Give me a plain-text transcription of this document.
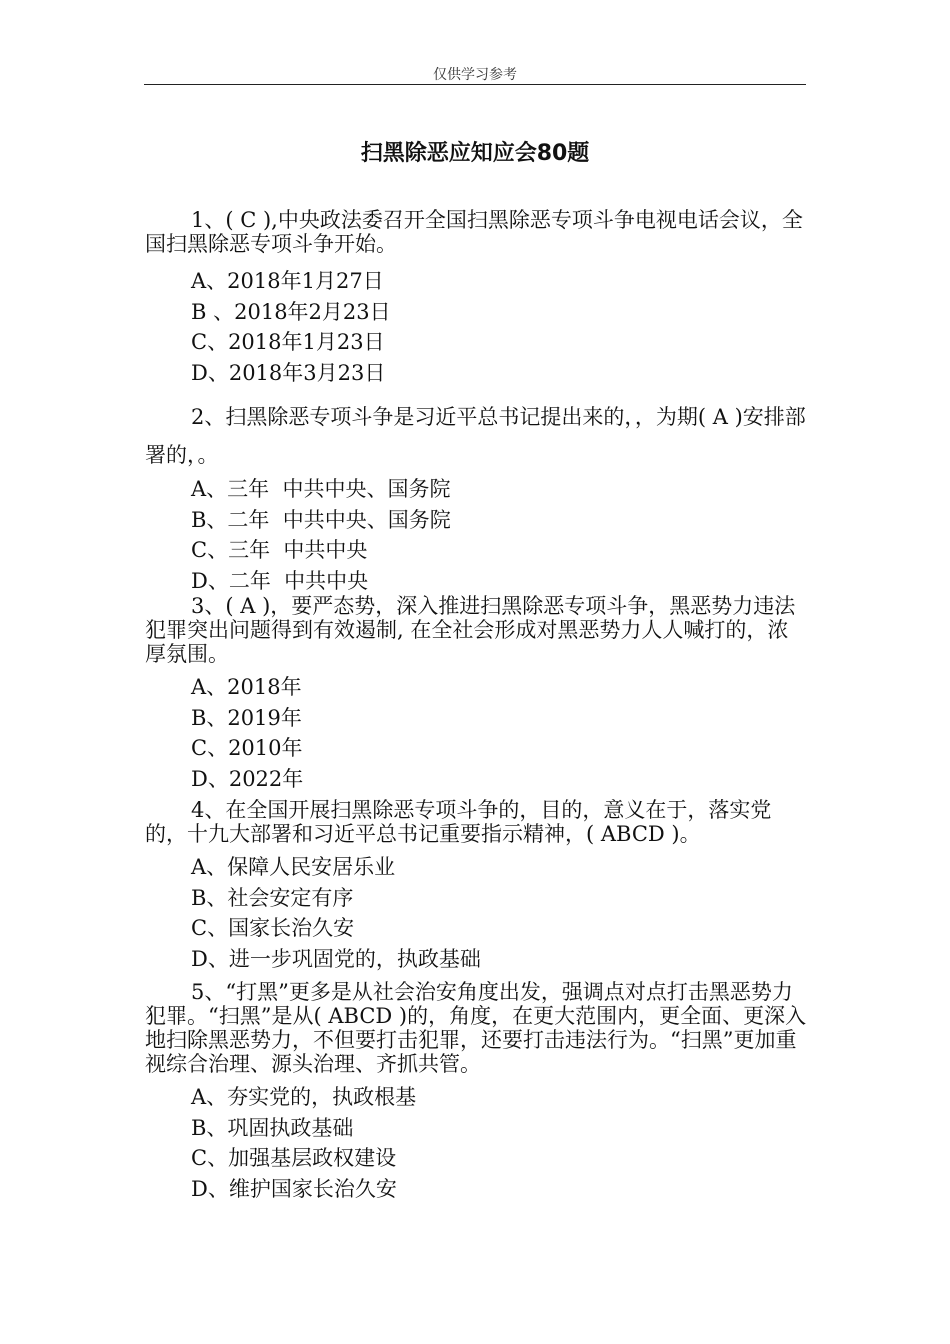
仅供学习参考
扫黑除恶应知应会80题

1、( C ),中央政法委召开全国扫黑除恶专项斗争电视电话会议，全国扫黑除恶专项斗争开始。

A、2018年1月27日

B 、2018年2月23日

C、2018年1月23日

D、2018年3月23日

2、扫黑除恶专项斗争是习近平总书记提出来的，，为期( A )安排部署的，。

A、三年  中共中央、国务院

B、二年  中共中央、国务院

C、三年  中共中央

D、二年  中共中央

3、( A )，要严态势，深入推进扫黑除恶专项斗争，黑恶势力违法犯罪突出问题得到有效遏制, 在全社会形成对黑恶势力人人喊打的，浓厚氛围。

A、2018年

B、2019年

C、2010年

D、2022年

4、在全国开展扫黑除恶专项斗争的，目的，意义在于，落实党的，十九大部署和习近平总书记重要指示精神，( ABCD )。

A、保障人民安居乐业

B、社会安定有序

C、国家长治久安

D、进一步巩固党的，执政基础

5、“打黑”更多是从社会治安角度出发，强调点对点打击黑恶势力犯罪。“扫黑”是从( ABCD )的，角度，在更大范围内，更全面、更深入地扫除黑恶势力，不但要打击犯罪，还要打击违法行为。“扫黑”更加重视综合治理、源头治理、齐抓共管。

A、夯实党的，执政根基

B、巩固执政基础

C、加强基层政权建设

D、维护国家长治久安
